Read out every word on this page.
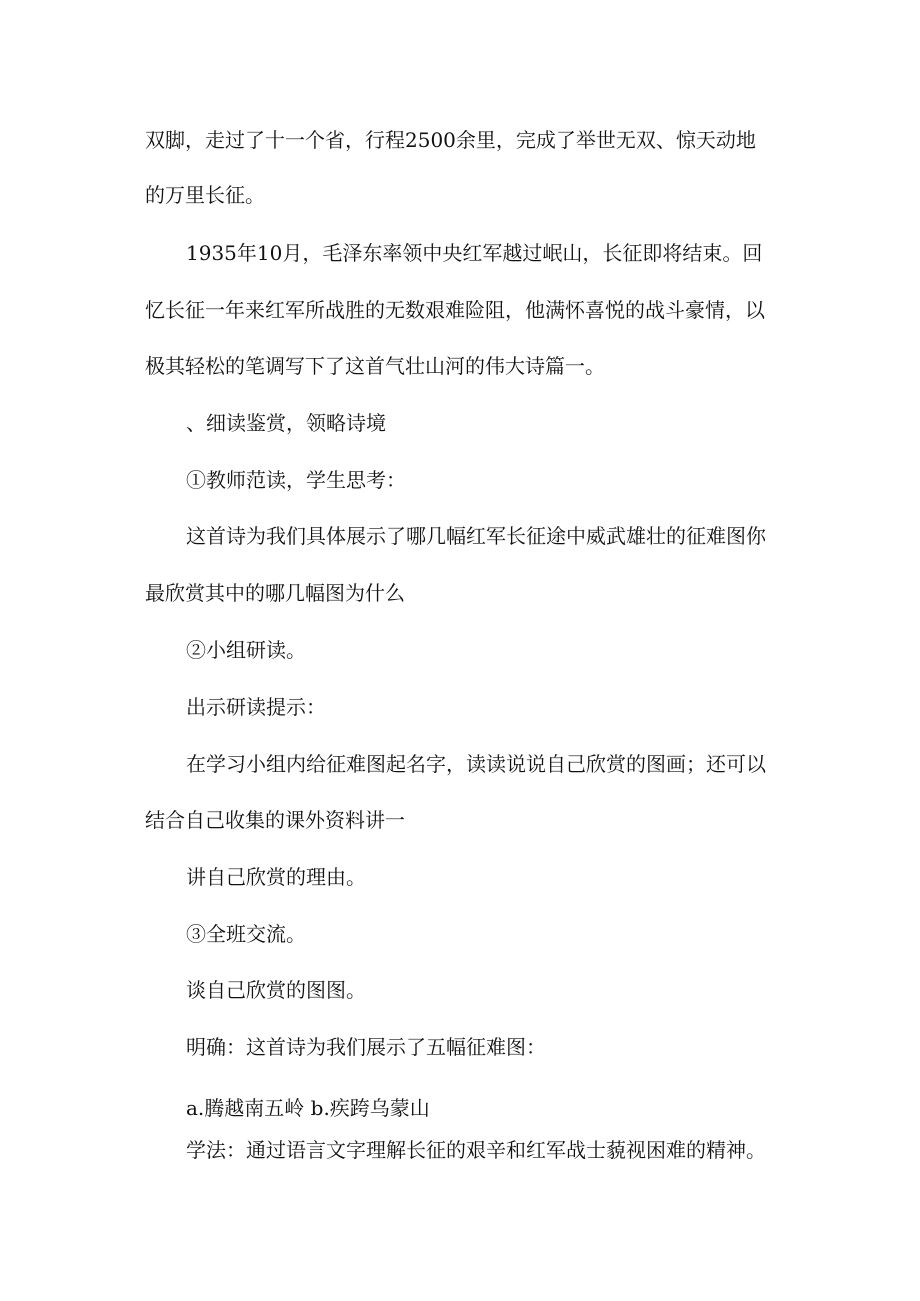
双脚，走过了十一个省，行程2500余里，完成了举世无双、惊天动地
的万里长征。
1935年10月，毛泽东率领中央红军越过岷山，长征即将结束。回
忆长征一年来红军所战胜的无数艰难险阻，他满怀喜悦的战斗豪情，以
极其轻松的笔调写下了这首气壮山河的伟大诗篇一。
、细读鉴赏，领略诗境
①教师范读，学生思考：
这首诗为我们具体展示了哪几幅红军长征途中威武雄壮的征难图你
最欣赏其中的哪几幅图为什么
②小组研读。
出示研读提示：
在学习小组内给征难图起名字，读读说说自己欣赏的图画；还可以
结合自己收集的课外资料讲一
讲自己欣赏的理由。
③全班交流。
谈自己欣赏的图图。
明确：这首诗为我们展示了五幅征难图：
a.腾越南五岭 b.疾跨乌蒙山
学法：通过语言文字理解长征的艰辛和红军战士藐视困难的精神。
